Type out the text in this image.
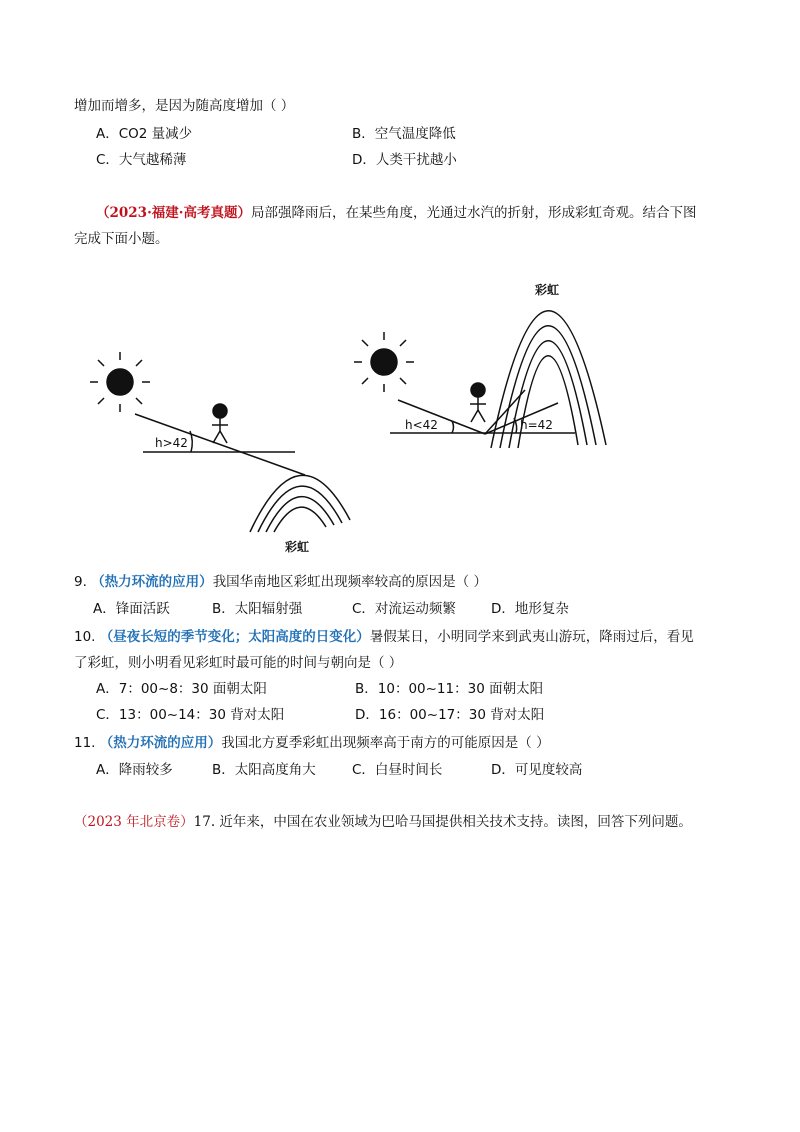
增加而增多，是因为随高度增加（ ）
A．CO2 量减少	B．空气温度降低
C．大气越稀薄	D．人类干扰越小
（2023·福建·高考真题）局部强降雨后，在某些角度，光通过水汽的折射，形成彩虹奇观。结合下图
完成下面小题。
h>42
彩虹
h<42	h=42
彩虹
9. （热力环流的应用）我国华南地区彩虹出现频率较高的原因是（ ）
A．锋面活跃	B．太阳辐射强	C．对流运动频繁	D．地形复杂
10. （昼夜长短的季节变化；太阳高度的日变化）暑假某日，小明同学来到武夷山游玩，降雨过后，看见
了彩虹，则小明看见彩虹时最可能的时间与朝向是（ ）
A．7：00~8：30 面朝太阳	B．10：00~11：30 面朝太阳
C．13：00~14：30 背对太阳	D．16：00~17：30 背对太阳
11. （热力环流的应用）我国北方夏季彩虹出现频率高于南方的可能原因是（ ）
A．降雨较多	B．太阳高度角大	C．白昼时间长	D．可见度较高
（2023 年北京卷）17. 近年来，中国在农业领域为巴哈马国提供相关技术支持。读图，回答下列问题。
